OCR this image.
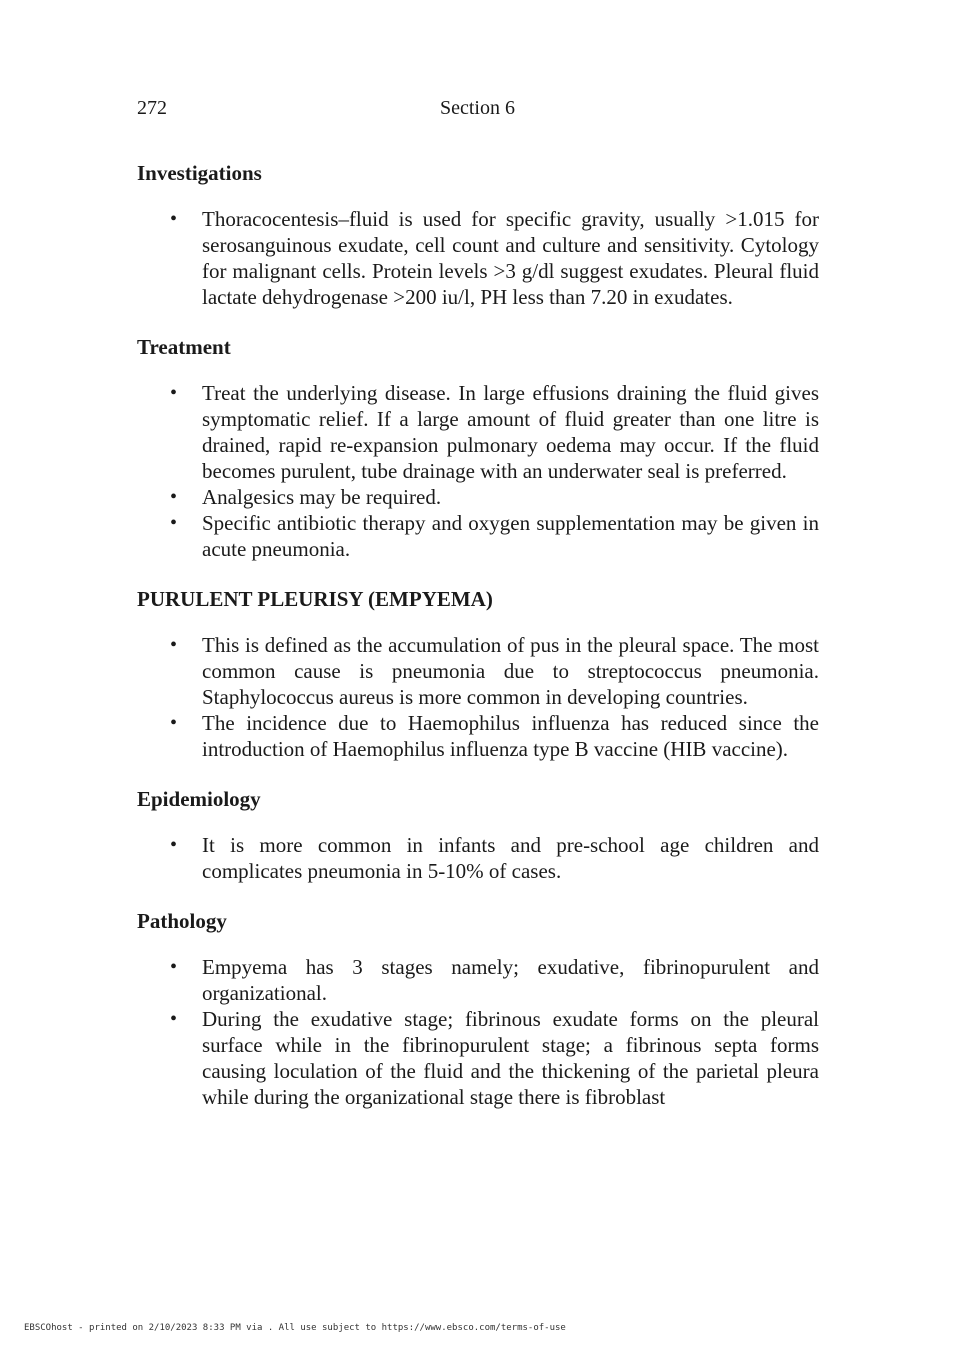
272	Section 6
Investigations
• Thoracocentesis–fluid is used for specific gravity, usually >1.015 for serosanguinous exudate, cell count and culture and sensitivity. Cytology for malignant cells. Protein levels >3 g/dl suggest exudates. Pleural fluid lactate dehydrogenase >200 iu/l, PH less than 7.20 in exudates.
Treatment
• Treat the underlying disease. In large effusions draining the fluid gives symptomatic relief. If a large amount of fluid greater than one litre is drained, rapid re-expansion pulmonary oedema may occur. If the fluid becomes purulent, tube drainage with an underwater seal is preferred.
• Analgesics may be required.
• Specific antibiotic therapy and oxygen supplementation may be given in acute pneumonia.
PURULENT PLEURISY (EMPYEMA)
• This is defined as the accumulation of pus in the pleural space. The most common cause is pneumonia due to streptococcus pneumonia. Staphylococcus aureus is more common in developing countries.
• The incidence due to Haemophilus influenza has reduced since the introduction of Haemophilus influenza type B vaccine (HIB vaccine).
Epidemiology
• It is more common in infants and pre-school age children and complicates pneumonia in 5-10% of cases.
Pathology
• Empyema has 3 stages namely; exudative, fibrinopurulent and organizational.
• During the exudative stage; fibrinous exudate forms on the pleural surface while in the fibrinopurulent stage; a fibrinous septa forms causing loculation of the fluid and the thickening of the parietal pleura while during the organizational stage there is fibroblast
EBSCOhost - printed on 2/10/2023 8:33 PM via . All use subject to https://www.ebsco.com/terms-of-use
